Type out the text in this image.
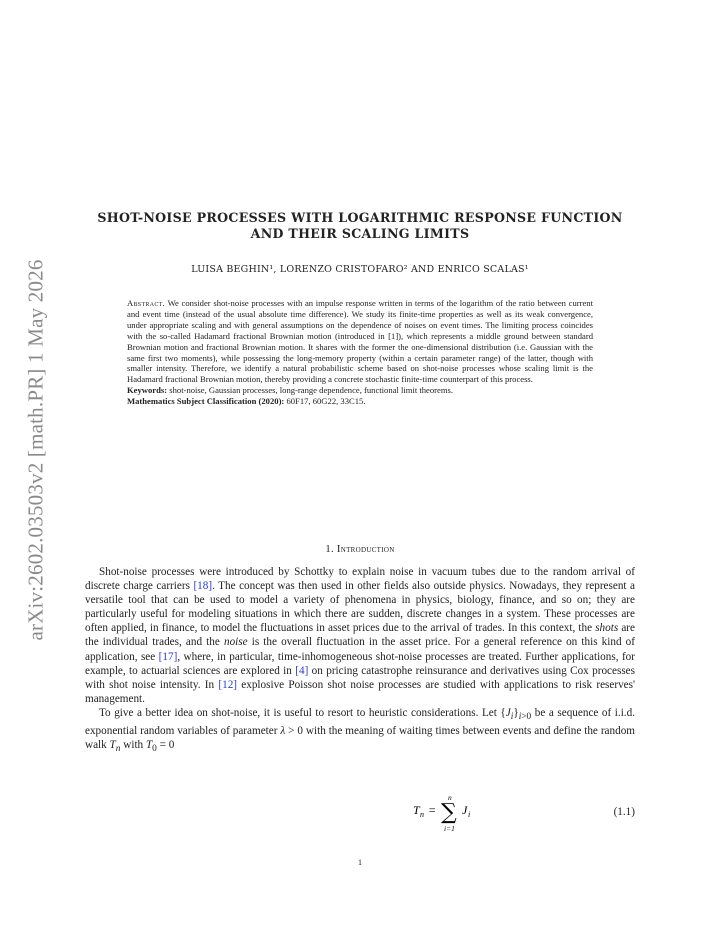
arXiv:2602.03503v2 [math.PR] 1 May 2026
SHOT-NOISE PROCESSES WITH LOGARITHMIC RESPONSE FUNCTION
AND THEIR SCALING LIMITS
LUISA BEGHIN¹, LORENZO CRISTOFARO² AND ENRICO SCALAS¹
Abstract. We consider shot-noise processes with an impulse response written in terms of the logarithm of the ratio between current and event time (instead of the usual absolute time difference). We study its finite-time properties as well as its weak convergence, under appropriate scaling and with general assumptions on the dependence of noises on event times. The limiting process coincides with the so-called Hadamard fractional Brownian motion (introduced in [1]), which represents a middle ground between standard Brownian motion and fractional Brownian motion. It shares with the former the one-dimensional distribution (i.e. Gaussian with the same first two moments), while possessing the long-memory property (within a certain parameter range) of the latter, though with smaller intensity. Therefore, we identify a natural probabilistic scheme based on shot-noise processes whose scaling limit is the Hadamard fractional Brownian motion, thereby providing a concrete stochastic finite-time counterpart of this process.
Keywords: shot-noise, Gaussian processes, long-range dependence, functional limit theorems.
Mathematics Subject Classification (2020): 60F17, 60G22, 33C15.
1. Introduction

Shot-noise processes were introduced by Schottky to explain noise in vacuum tubes due to the random arrival of discrete charge carriers [18]. The concept was then used in other fields also outside physics. Nowadays, they represent a versatile tool that can be used to model a variety of phenomena in physics, biology, finance, and so on; they are particularly useful for modeling situations in which there are sudden, discrete changes in a system. These processes are often applied, in finance, to model the fluctuations in asset prices due to the arrival of trades. In this context, the shots are the individual trades, and the noise is the overall fluctuation in the asset price. For a general reference on this kind of application, see [17], where, in particular, time-inhomogeneous shot-noise processes are treated. Further applications, for example, to actuarial sciences are explored in [4] on pricing catastrophe reinsurance and derivatives using Cox processes with shot noise intensity. In [12] explosive Poisson shot noise processes are studied with applications to risk reserves' management.

To give a better idea on shot-noise, it is useful to resort to heuristic considerations. Let $\{J_i\}_{i>0}$ be a sequence of i.i.d. exponential random variables of parameter λ > 0 with the meaning of waiting times between events and define the random walk $T_n$ with $T_0 = 0$

T n =
n
∑
i=1
J i	(1.1)
1
